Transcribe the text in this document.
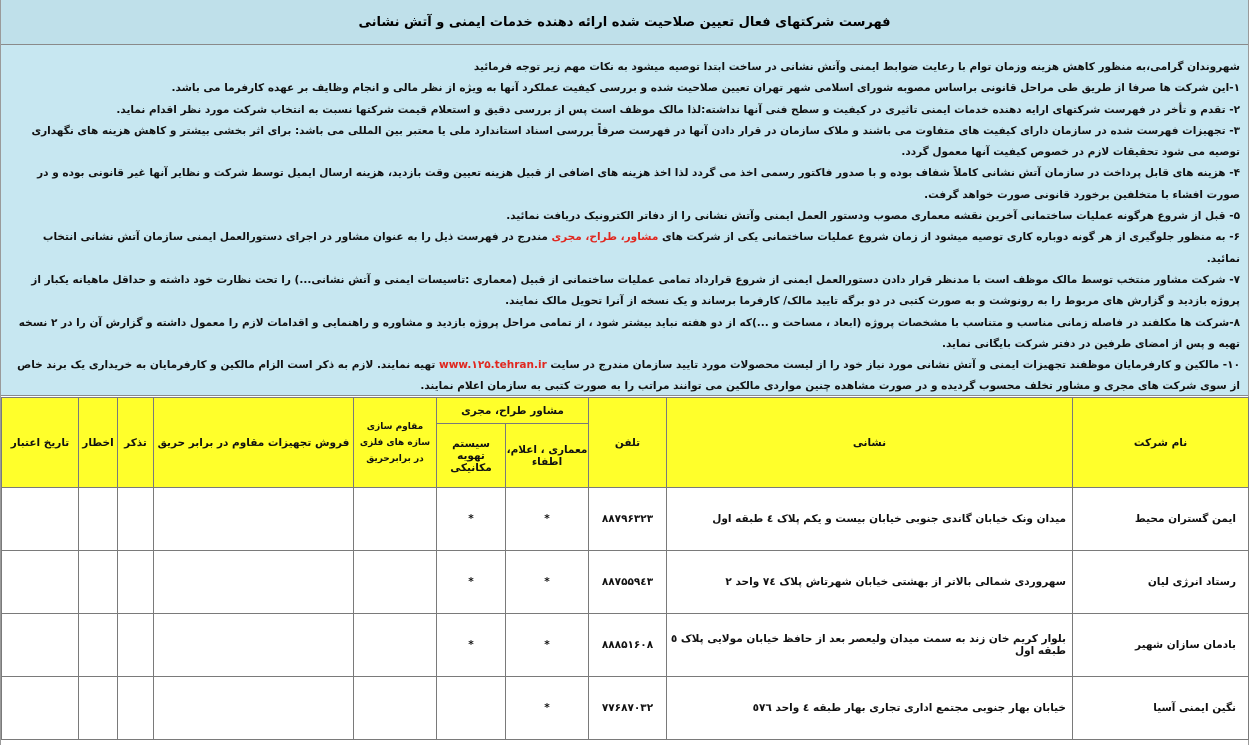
فهرست شرکتهای فعال تعیین صلاحیت شده ارائه دهنده خدمات ایمنی و آتش نشانی

شهروندان گرامی،به منظور کاهش هزینه وزمان توام با رعایت ضوابط ایمنی وآتش نشانی در ساخت ابتدا توصیه میشود به نکات مهم زیر توجه فرمائید

۱-این شرکت ها صرفا از طریق طی مراحل قانونی براساس مصوبه شورای اسلامی شهر تهران تعیین صلاحیت شده و بررسی کیفیت عملکرد آنها به ویژه از نظر مالی و انجام وظایف بر عهده کارفرما می باشد.

۲- تقدم و تأخر در فهرست شرکتهای ارایه دهنده خدمات ایمنی تاثیری در کیفیت و سطح فنی آنها نداشته:لذا مالک موظف است پس از بررسی دقیق و استعلام قیمت شرکتها نسبت به انتخاب شرکت مورد نظر اقدام نماید.

۳- تجهیزات فهرست شده در سازمان دارای کیفیت های متفاوت می باشند و ملاک سازمان در قرار دادن آنها در فهرست صرفاً بررسی اسناد استاندارد ملی یا معتبر بین المللی می باشد: برای اثر بخشی بیشتر و کاهش هزینه های نگهداری توصیه می شود تحقیقات لازم در خصوص کیفیت آنها معمول گردد.

۴- هزینه های قابل پرداخت در سازمان آتش نشانی کاملاً شفاف بوده و با صدور فاکتور رسمی اخذ می گردد لذا اخذ هزینه های اضافی از قبیل هزینه تعیین وقت بازدید، هزینه ارسال ایمیل توسط شرکت و نظایر آنها غیر قانونی بوده و در صورت افشاء با متخلفین برخورد قانونی صورت خواهد گرفت.

۵- قبل از شروع هرگونه عملیات ساختمانی آخرین نقشه معماری مصوب ودستور العمل ایمنی وآتش نشانی را از دفاتر الکترونیک دریافت نمائید.

۶- به منظور جلوگیری از هر گونه دوباره کاری توصیه میشود از زمان شروع عملیات ساختمانی یکی از شرکت های مشاور، طراح، مجری مندرج در فهرست ذیل را به عنوان مشاور در اجرای دستورالعمل ایمنی سازمان آتش نشانی انتخاب نمائید.

۷- شرکت مشاور منتخب توسط مالک موظف است با مدنظر قرار دادن دستورالعمل ایمنی از شروع قرارداد تمامی عملیات ساختمانی از قبیل (معماری :تاسیسات ایمنی و آتش نشانی...) را تحت نظارت خود داشته و حداقل ماهیانه یکبار از پروژه بازدید و گزارش های مربوط را به رونوشت و به صورت کتبی در دو برگه تایید مالک/ کارفرما برساند و یک نسخه از آنرا تحویل مالک نمایند.

۸-شرکت ها مکلفند در فاصله زمانی مناسب و متناسب با مشخصات پروژه (ابعاد ، مساحت و ...)که از دو هفته نباید بیشتر شود ، از تمامی مراحل پروژه بازدید و مشاوره و راهنمایی و اقدامات لازم را معمول داشته و گزارش آن را در ۲ نسخه تهیه و پس از امضای طرفین در دفتر شرکت بایگانی نماید.

۱۰- مالکین و کارفرمایان موظفند تجهیزات ایمنی و آتش نشانی مورد نیاز خود را از لیست محصولات مورد تایید سازمان مندرج در سایت www.۱۲۵.tehran.ir تهیه نمایند. لازم به ذکر است الزام مالکین و کارفرمایان به خریداری یک برند خاص از سوی شرکت های مجری و مشاور تخلف محسوب گردیده و در صورت مشاهده چنین مواردی مالکین می توانند مراتب را به صورت کتبی به سازمان اعلام نمایند.

نام شرکت	نشانی	تلفن	مشاور طراح، مجری		مقاوم سازی سازه های فلزی در برابرحریق	فروش تجهیزات مقاوم در برابر حریق	تذکر	اخطار	تاریخ اعتبار
			معماری ، اعلام، اطفاء	سیستم تهویه مکانیکی					
ایمن گستران محیط	میدان ونک خیابان گاندی جنوبی خیابان بیست و یکم پلاک ٤ طبقه اول	۸۸۷۹۶۳۲۳	*	*					
رستاد انرژی لیان	سهروردی شمالی بالاتر از بهشتی خیابان شهرتاش پلاک ٧٤ واحد ٢	۸۸۷۵۵۹٤۳	*	*					
بادمان سازان شهیر	بلوار کریم خان زند به سمت میدان ولیعصر بعد از حافظ خیابان مولایی پلاک ٥ طبقه اول	۸۸۸۵۱۶۰۸	*	*					
نگین ایمنی آسیا	خیابان بهار جنوبی مجتمع اداری تجاری بهار طبقه ٤ واحد ٥٧٦	۷۷۶۸۷۰۳۲	*						
